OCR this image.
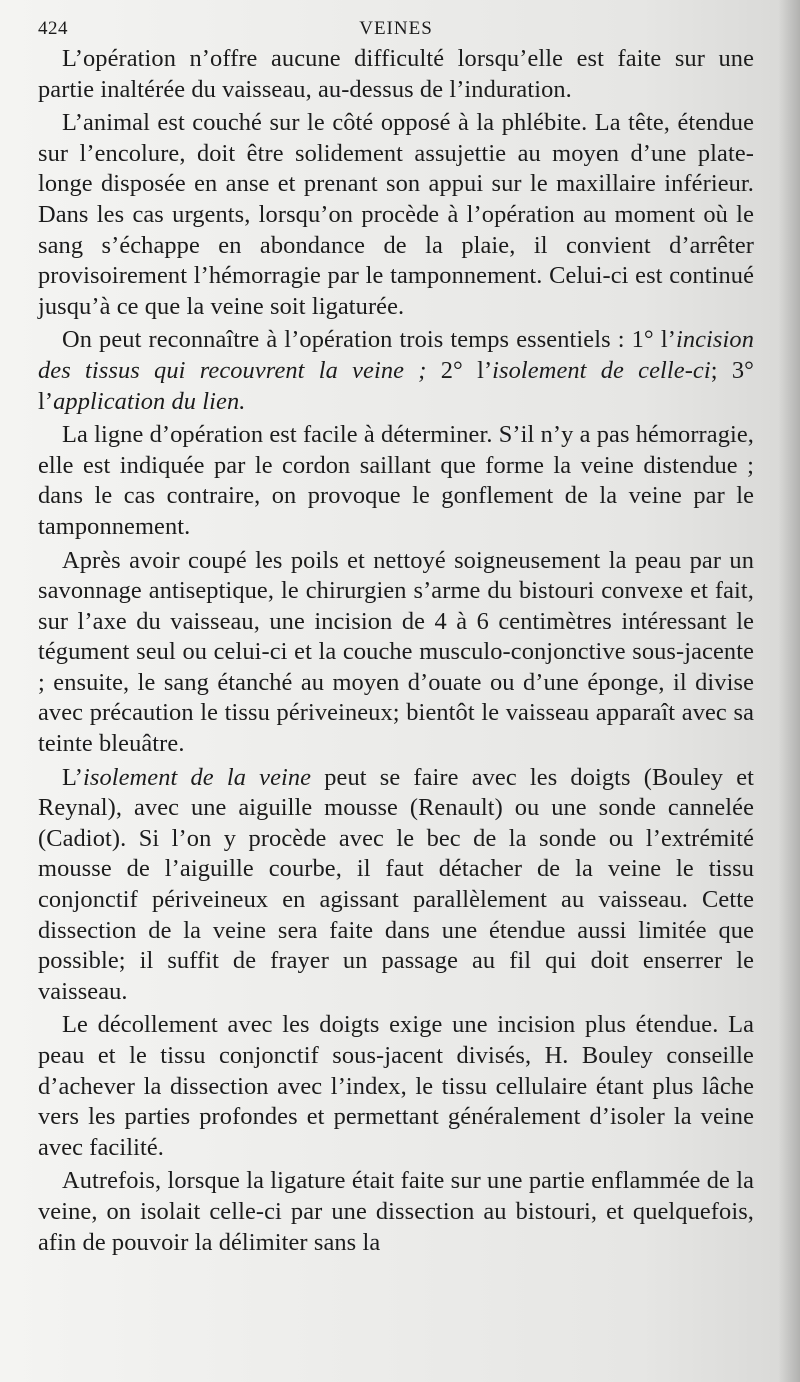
424	VEINES

L’opération n’offre aucune difficulté lorsqu’elle est faite sur une partie inaltérée du vaisseau, au-dessus de l’induration.

L’animal est couché sur le côté opposé à la phlébite. La tête, étendue sur l’encolure, doit être solidement assujettie au moyen d’une plate-longe disposée en anse et prenant son appui sur le maxillaire inférieur. Dans les cas urgents, lorsqu’on procède à l’opération au moment où le sang s’échappe en abondance de la plaie, il convient d’arrêter provisoirement l’hémorragie par le tamponnement. Celui-ci est continué jusqu’à ce que la veine soit ligaturée.

On peut reconnaître à l’opération trois temps essentiels : 1° l’incision des tissus qui recouvrent la veine ; 2° l’isolement de celle-ci; 3° l’application du lien.

La ligne d’opération est facile à déterminer. S’il n’y a pas hémorragie, elle est indiquée par le cordon saillant que forme la veine distendue ; dans le cas contraire, on provoque le gonflement de la veine par le tamponnement.

Après avoir coupé les poils et nettoyé soigneusement la peau par un savonnage antiseptique, le chirurgien s’arme du bistouri convexe et fait, sur l’axe du vaisseau, une incision de 4 à 6 centimètres intéressant le tégument seul ou celui-ci et la couche musculo-conjonctive sous-jacente ; ensuite, le sang étanché au moyen d’ouate ou d’une éponge, il divise avec précaution le tissu périveineux; bientôt le vaisseau apparaît avec sa teinte bleuâtre.

L’isolement de la veine peut se faire avec les doigts (Bouley et Reynal), avec une aiguille mousse (Renault) ou une sonde cannelée (Cadiot). Si l’on y procède avec le bec de la sonde ou l’extrémité mousse de l’aiguille courbe, il faut détacher de la veine le tissu conjonctif périveineux en agissant parallèlement au vaisseau. Cette dissection de la veine sera faite dans une étendue aussi limitée que possible; il suffit de frayer un passage au fil qui doit enserrer le vaisseau.

Le décollement avec les doigts exige une incision plus étendue. La peau et le tissu conjonctif sous-jacent divisés, H. Bouley conseille d’achever la dissection avec l’index, le tissu cellulaire étant plus lâche vers les parties profondes et permettant généralement d’isoler la veine avec facilité.

Autrefois, lorsque la ligature était faite sur une partie enflammée de la veine, on isolait celle-ci par une dissection au bistouri, et quelquefois, afin de pouvoir la délimiter sans la
